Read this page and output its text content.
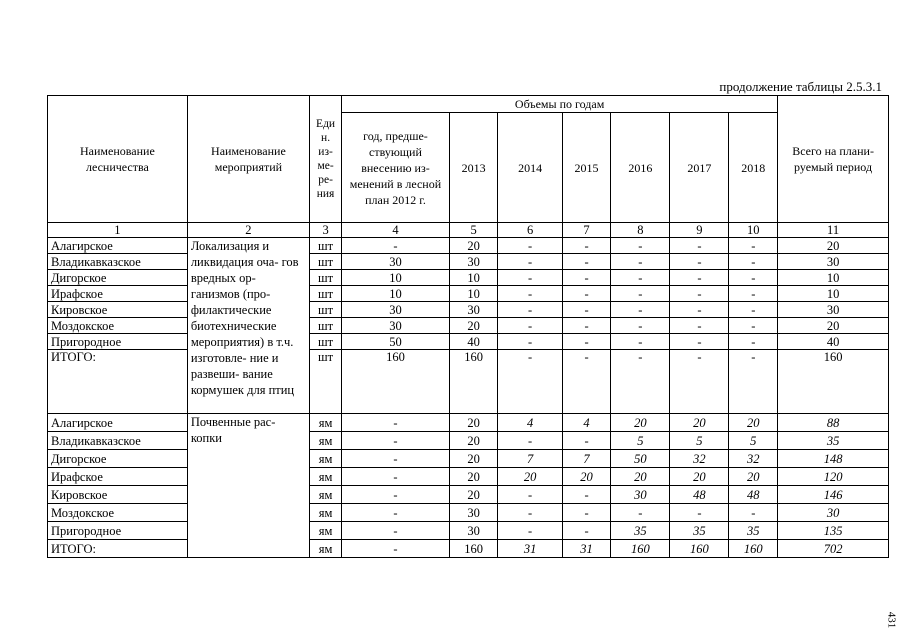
продолжение таблицы 2.5.3.1
Наименование лесничества	Наименование мероприятий	Еди н. из- ме- ре- ния	Объемы по годам							Всего на плани- руемый период
			год, предше- ствующий внесению из- менений в лесной план 2012 г.	2013	2014	2015	2016	2017	2018	
1	2	3	4	5	6	7	8	9	10	11
Алагирское	Локализация и ликвидация оча- гов вредных ор- ганизмов (про- филактические биотехнические мероприятия) в т.ч. изготовле- ние и развеши- вание кормушек для птиц	шт	-	20	-	-	-	-	-	20
Владикавказское		шт	30	30	-	-	-	-	-	30
Дигорское		шт	10	10	-	-	-	-	-	10
Ирафское		шт	10	10	-	-	-	-	-	10
Кировское		шт	30	30	-	-	-	-	-	30
Моздокское		шт	30	20	-	-	-	-	-	20
Пригородное		шт	50	40	-	-	-	-	-	40
ИТОГО:		шт	160	160	-	-	-	-	-	160
Алагирское	Почвенные рас- копки	ям	-	20	4	4	20	20	20	88
Владикавказское		ям	-	20	-	-	5	5	5	35
Дигорское		ям	-	20	7	7	50	32	32	148
Ирафское		ям	-	20	20	20	20	20	20	120
Кировское		ям	-	20	-	-	30	48	48	146
Моздокское		ям	-	30	-	-	-	-	-	30
Пригородное		ям	-	30	-	-	35	35	35	135
ИТОГО:		ям	-	160	31	31	160	160	160	702
431
